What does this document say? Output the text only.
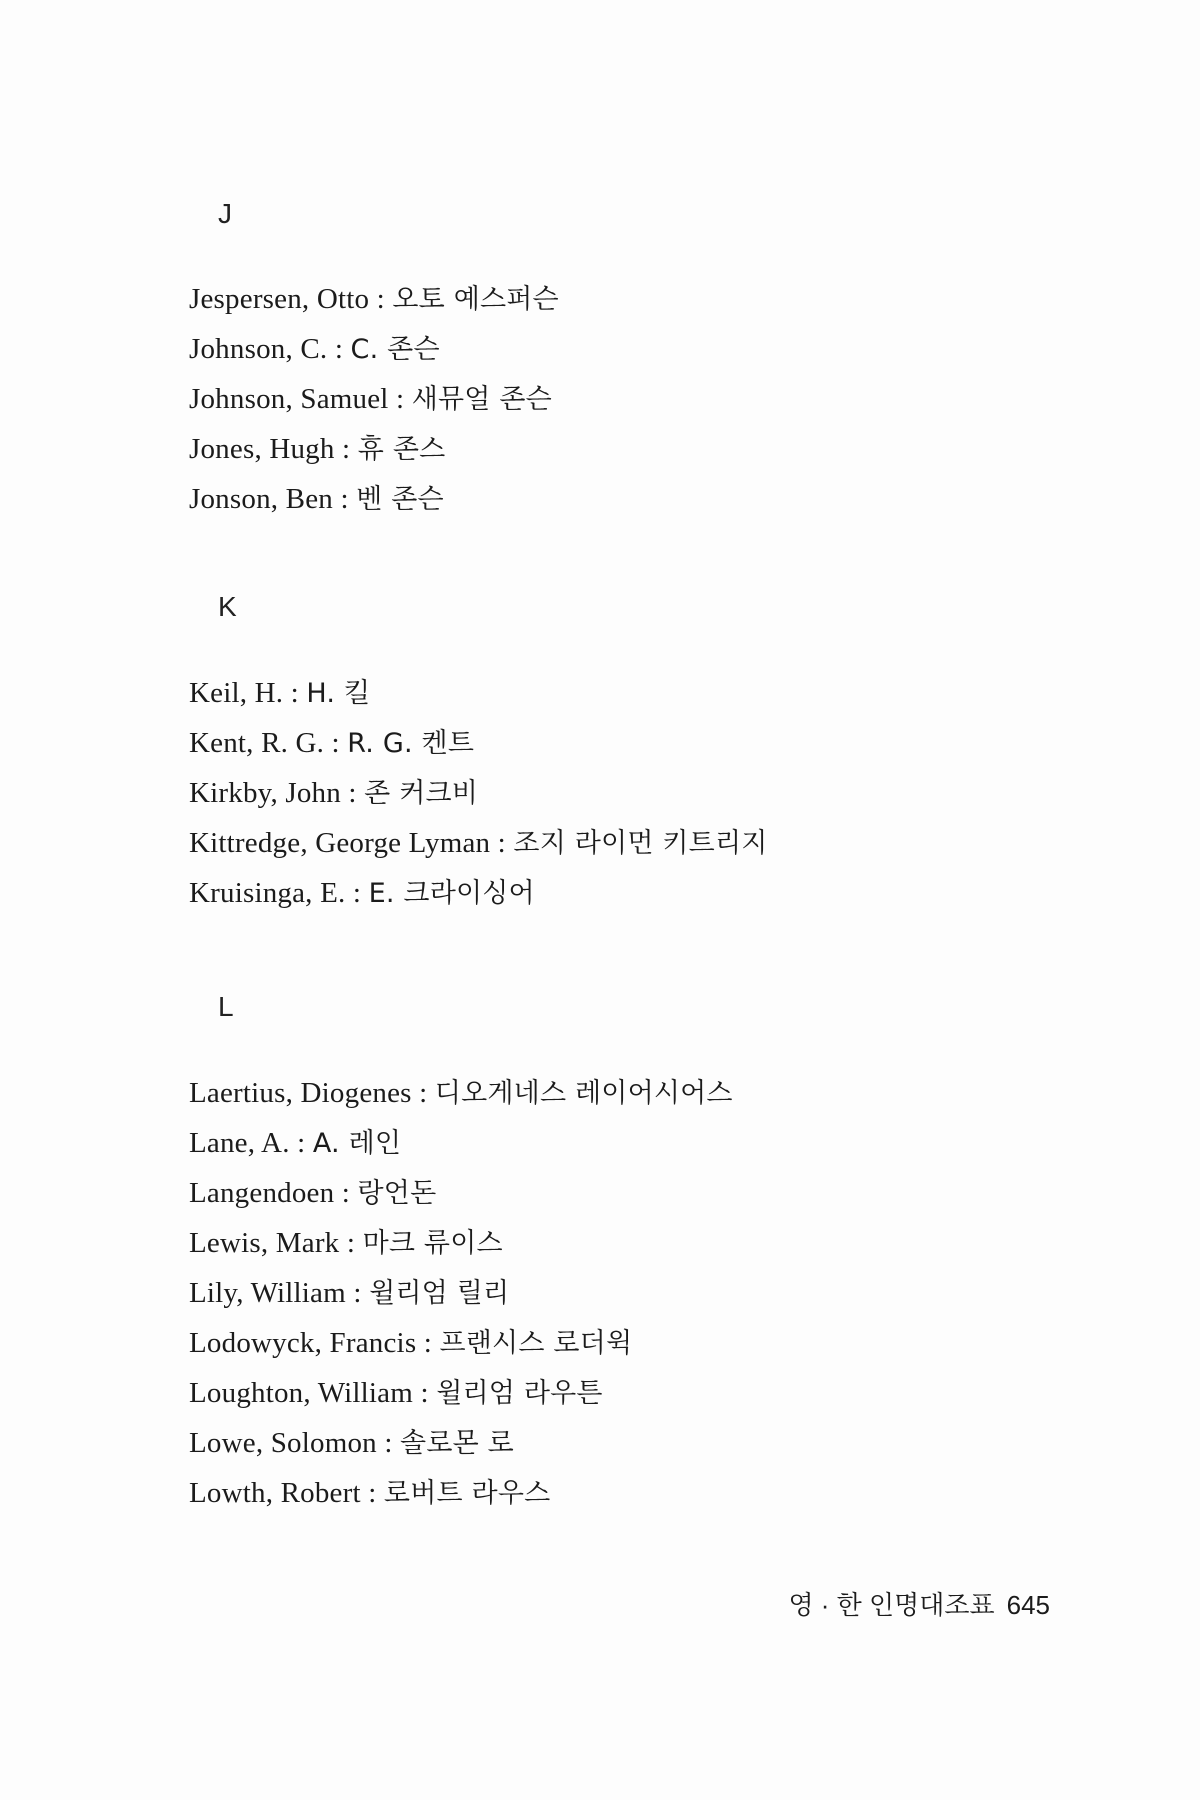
J
Jespersen, Otto : 오토 예스퍼슨
Johnson, C. : C. 존슨
Johnson, Samuel : 새뮤얼 존슨
Jones, Hugh : 휴 존스
Jonson, Ben : 벤 존슨
K
Keil, H. : H. 킬
Kent, R. G. : R. G. 켄트
Kirkby, John : 존 커크비
Kittredge, George Lyman : 조지 라이먼 키트리지
Kruisinga, E. : E. 크라이싱어
L
Laertius, Diogenes : 디오게네스 레이어시어스
Lane, A. : A. 레인
Langendoen : 랑언돈
Lewis, Mark : 마크 류이스
Lily, William : 윌리엄 릴리
Lodowyck, Francis : 프랜시스 로더윅
Loughton, William : 윌리엄 라우튼
Lowe, Solomon : 솔로몬 로
Lowth, Robert : 로버트 라우스
영 · 한 인명대조표 645
